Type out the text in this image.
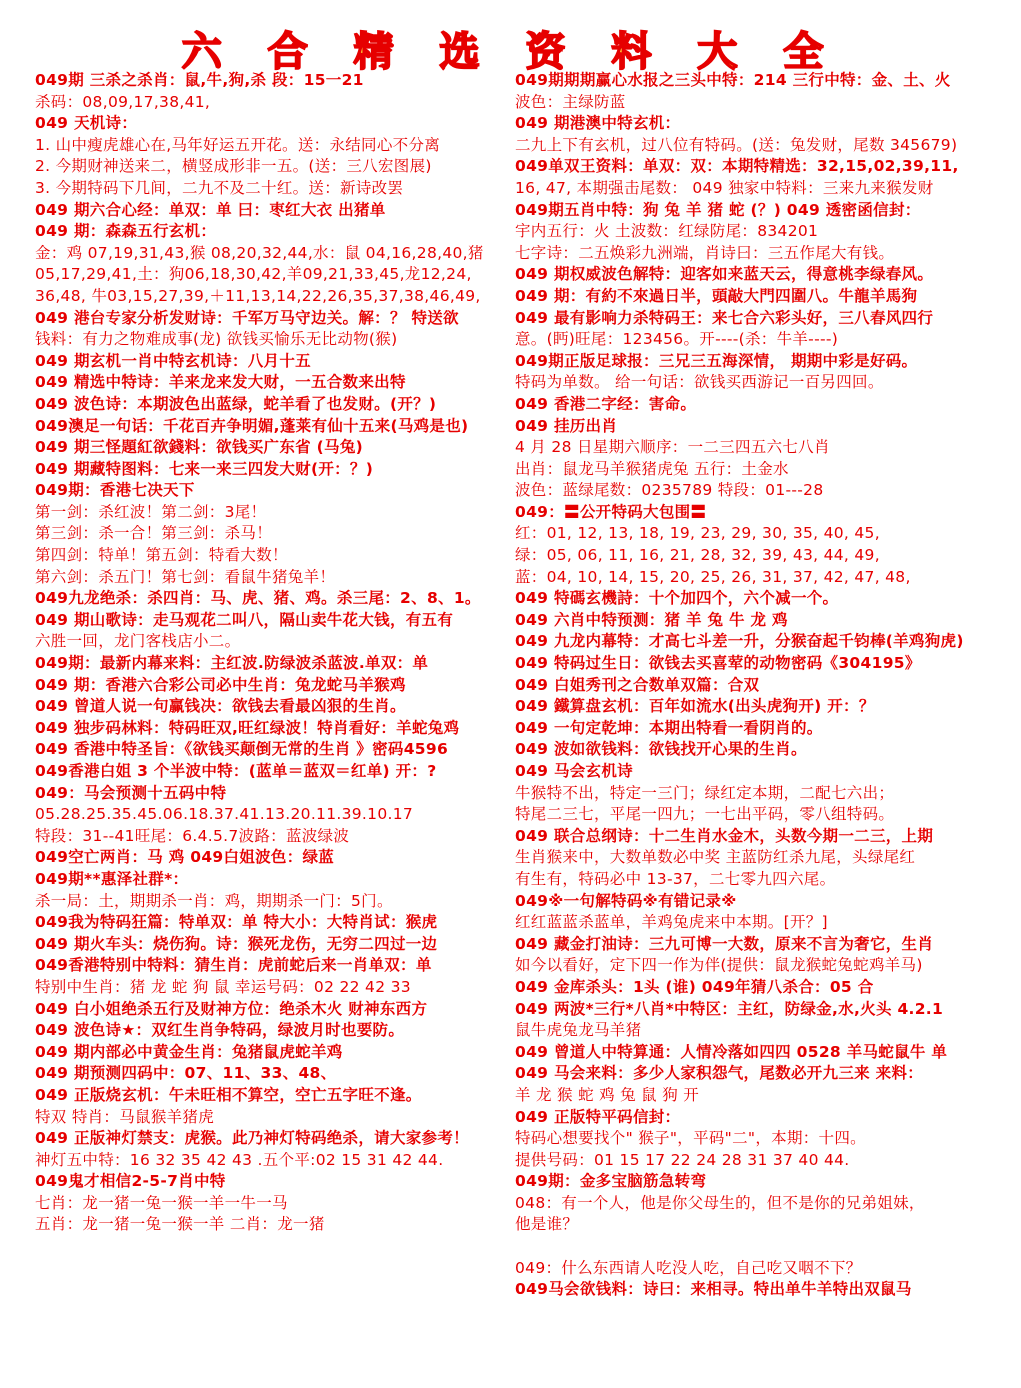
六 合 精 选 资 料 大 全
049期 三杀之杀肖：鼠,牛,狗,杀 段：15一21
杀码：08,09,17,38,41,
049 天机诗：
1. 山中瘦虎雄心在,马年好运五开花。送：永结同心不分离
2. 今期财神送来二，横竖成形非一五。(送：三八宏图展)
3. 今期特码下几间，二九不及二十红。送：新诗改罢
049 期六合心经：单双：单 曰：枣红大衣 出猪单
049 期：森森五行玄机：
金：鸡 07,19,31,43,猴 08,20,32,44,水：鼠 04,16,28,40,猪
05,17,29,41,土：狗06,18,30,42,羊09,21,33,45,龙12,24,
36,48, 牛03,15,27,39,＋11,13,14,22,26,35,37,38,46,49,
049 港台专家分析发财诗：千军万马守边关。解：？ 特送欲
钱料：有力之物难成事(龙) 欲钱买愉乐无比动物(猴)
049 期玄机一肖中特玄机诗：八月十五
049 精选中特诗：羊来龙来发大财，一五合数来出特
049 波色诗：本期波色出蓝绿，蛇羊看了也发财。(开？)
049澳足一句话：千花百卉争明媚,蓬莱有仙十五来(马鸡是也)
049 期三怪題紅欲錢料：欲钱买广东省 (马兔)
049 期藏特图料：七来一来三四发大财(开：？)
049期：香港七决天下
第一剑：杀红波！第二剑：3尾！
第三剑：杀一合！第三剑：杀马！
第四剑：特单！第五剑：特看大数！
第六剑：杀五门！第七剑：看鼠牛猪兔羊！
049九龙绝杀：杀四肖：马、虎、猪、鸡。杀三尾：2、8、1。
049 期山歌诗：走马观花二叫八，隔山卖牛花大钱，有五有
六胜一回，龙门客栈店小二。
049期：最新内幕来料：主红波.防绿波杀蓝波.单双：单
049 期：香港六合彩公司必中生肖：兔龙蛇马羊猴鸡
049 曾道人说一句赢钱决：欲钱去看最凶狠的生肖。
049 独步码林料：特码旺双,旺红绿波！特肖看好：羊蛇兔鸡
049 香港中特圣旨：《欲钱买颠倒无常的生肖 》密码4596
049香港白姐 3 个半波中特：(蓝单＝蓝双＝红单) 开：?
049：马会预测十五码中特
05.28.25.35.45.06.18.37.41.13.20.11.39.10.17
特段：31--41旺尾：6.4.5.7波路：蓝波绿波
049空亡两肖：马 鸡 049白姐波色：绿蓝
049期**惠泽社群*：
杀一局：土，期期杀一肖：鸡，期期杀一门：5门。
049我为特码狂篇：特单双：单 特大小：大特肖试：猴虎
049 期火车头：烧伤狗。诗：猴死龙伤，无穷二四过一边
049香港特别中特料：猜生肖：虎前蛇后来一肖单双：单
特别中生肖：猪 龙 蛇 狗 鼠 幸运号码：02 22 42 33
049 白小姐绝杀五行及财神方位：绝杀木火 财神东西方
049 波色诗★：双红生肖争特码，绿波月时也要防。
049 期内部必中黄金生肖：兔猪鼠虎蛇羊鸡
049 期预测四码中：07、11、33、48、
049 正版烧玄机：午未旺相不算空，空亡五字旺不逢。
特双 特肖：马鼠猴羊猪虎
049 正版神灯禁支：虎猴。此乃神灯特码绝杀，请大家参考！
神灯五中特：16 32 35 42 43 .五个平:02 15 31 42 44.
049鬼才相信2-5-7肖中特
七肖：龙一猪一兔一猴一羊一牛一马
五肖：龙一猪一兔一猴一羊 二肖：龙一猪
049期期期赢心水报之三头中特：214 三行中特：金、土、火
波色：主绿防蓝
049 期港澳中特玄机：
二九上下有玄机，过八位有特码。(送：兔发财，尾数 345679)
049单双王资料：单双：双：本期特精选：32,15,02,39,11,
16, 47, 本期强击尾数： 049 独家中特料：三来九来猴发财
049期五肖中特：狗 兔 羊 猪 蛇 (？) 049 透密函信封：
宇内五行：火 土波数：红绿防尾：834201
七字诗：二五焕彩九洲端，肖诗曰：三五作尾大有钱。
049 期权威波色解特：迎客如来蓝天云，得意桃李绿春风。
049 期：有約不來過日半，頭敲大門四圍八。牛龍羊馬狗
049 最有影响力杀特码王：来七合六彩头好，三八春风四行
意。(眄)旺尾：123456。开----(杀：牛羊----)
049期正版足球报：三兄三五海深情， 期期中彩是好码。
特码为单数。 给一句话：欲钱买西游记一百另四回。
049 香港二字经：害命。
049 挂历出肖
4 月 28 日星期六顺序：一二三四五六七八肖
出肖：鼠龙马羊猴猪虎兔 五行：土金水
波色：蓝绿尾数：0235789 特段：01---28
049：〓公开特码大包围〓
红：01, 12, 13, 18, 19, 23, 29, 30, 35, 40, 45,
绿：05, 06, 11, 16, 21, 28, 32, 39, 43, 44, 49,
蓝：04, 10, 14, 15, 20, 25, 26, 31, 37, 42, 47, 48,
049 特碼玄機詩：十个加四个，六个减一个。
049 六肖中特预测：猪 羊 兔 牛 龙 鸡
049 九龙内幕特：才高七斗差一升，分猴奋起千钧棒(羊鸡狗虎)
049 特码过生日：欲钱去买喜荤的动物密码《304195》
049 白姐秀刊之合数单双篇：合双
049 鐵算盘玄机：百年如流水(出头虎狗开) 开：？
049 一句定乾坤：本期出特看一看阴肖的。
049 波如欲钱料：欲钱找开心果的生肖。
049 马会玄机诗
牛猴特不出，特定一三门；绿红定本期，二配七六出；
特尾二三七，平尾一四九；一七出平码，零八组特码。
049 联合总纲诗：十二生肖水金木，头数今期一二三，上期
生肖猴来中，大数单数必中奖 主蓝防红杀九尾，头绿尾红
有生有，特码必中 13-37，二七零九四六尾。
049※一句解特码※有错记录※
红红蓝蓝杀蓝单，羊鸡兔虎来中本期。[开？]
049 藏金打油诗：三九可博一大数，原来不言为奢它，生肖
如今以看好，定下四一作为伴(提供：鼠龙猴蛇兔蛇鸡羊马)
049 金库杀头：1头 (谁) 049年猜八杀合：05 合
049 两波*三行*八肖*中特区：主红，防绿金,水,火头 4.2.1
鼠牛虎兔龙马羊猪
049 曾道人中特算通：人情冷落如四四 0528 羊马蛇鼠牛 单
049 马会来料：多少人家积怨气，尾数必开九三来 来料：
羊 龙 猴 蛇 鸡 兔 鼠 狗 开
049 正版特平码信封：
特码心想要找个" 猴子"，平码"二"，本期：十四。
提供号码：01 15 17 22 24 28 31 37 40 44.
049期：金多宝脑筋急转弯
048：有一个人，他是你父母生的，但不是你的兄弟姐妹，
他是谁？
049：什么东西请人吃没人吃，自己吃又咽不下？
049马会欲钱料：诗曰：来相寻。特出单牛羊特出双鼠马
